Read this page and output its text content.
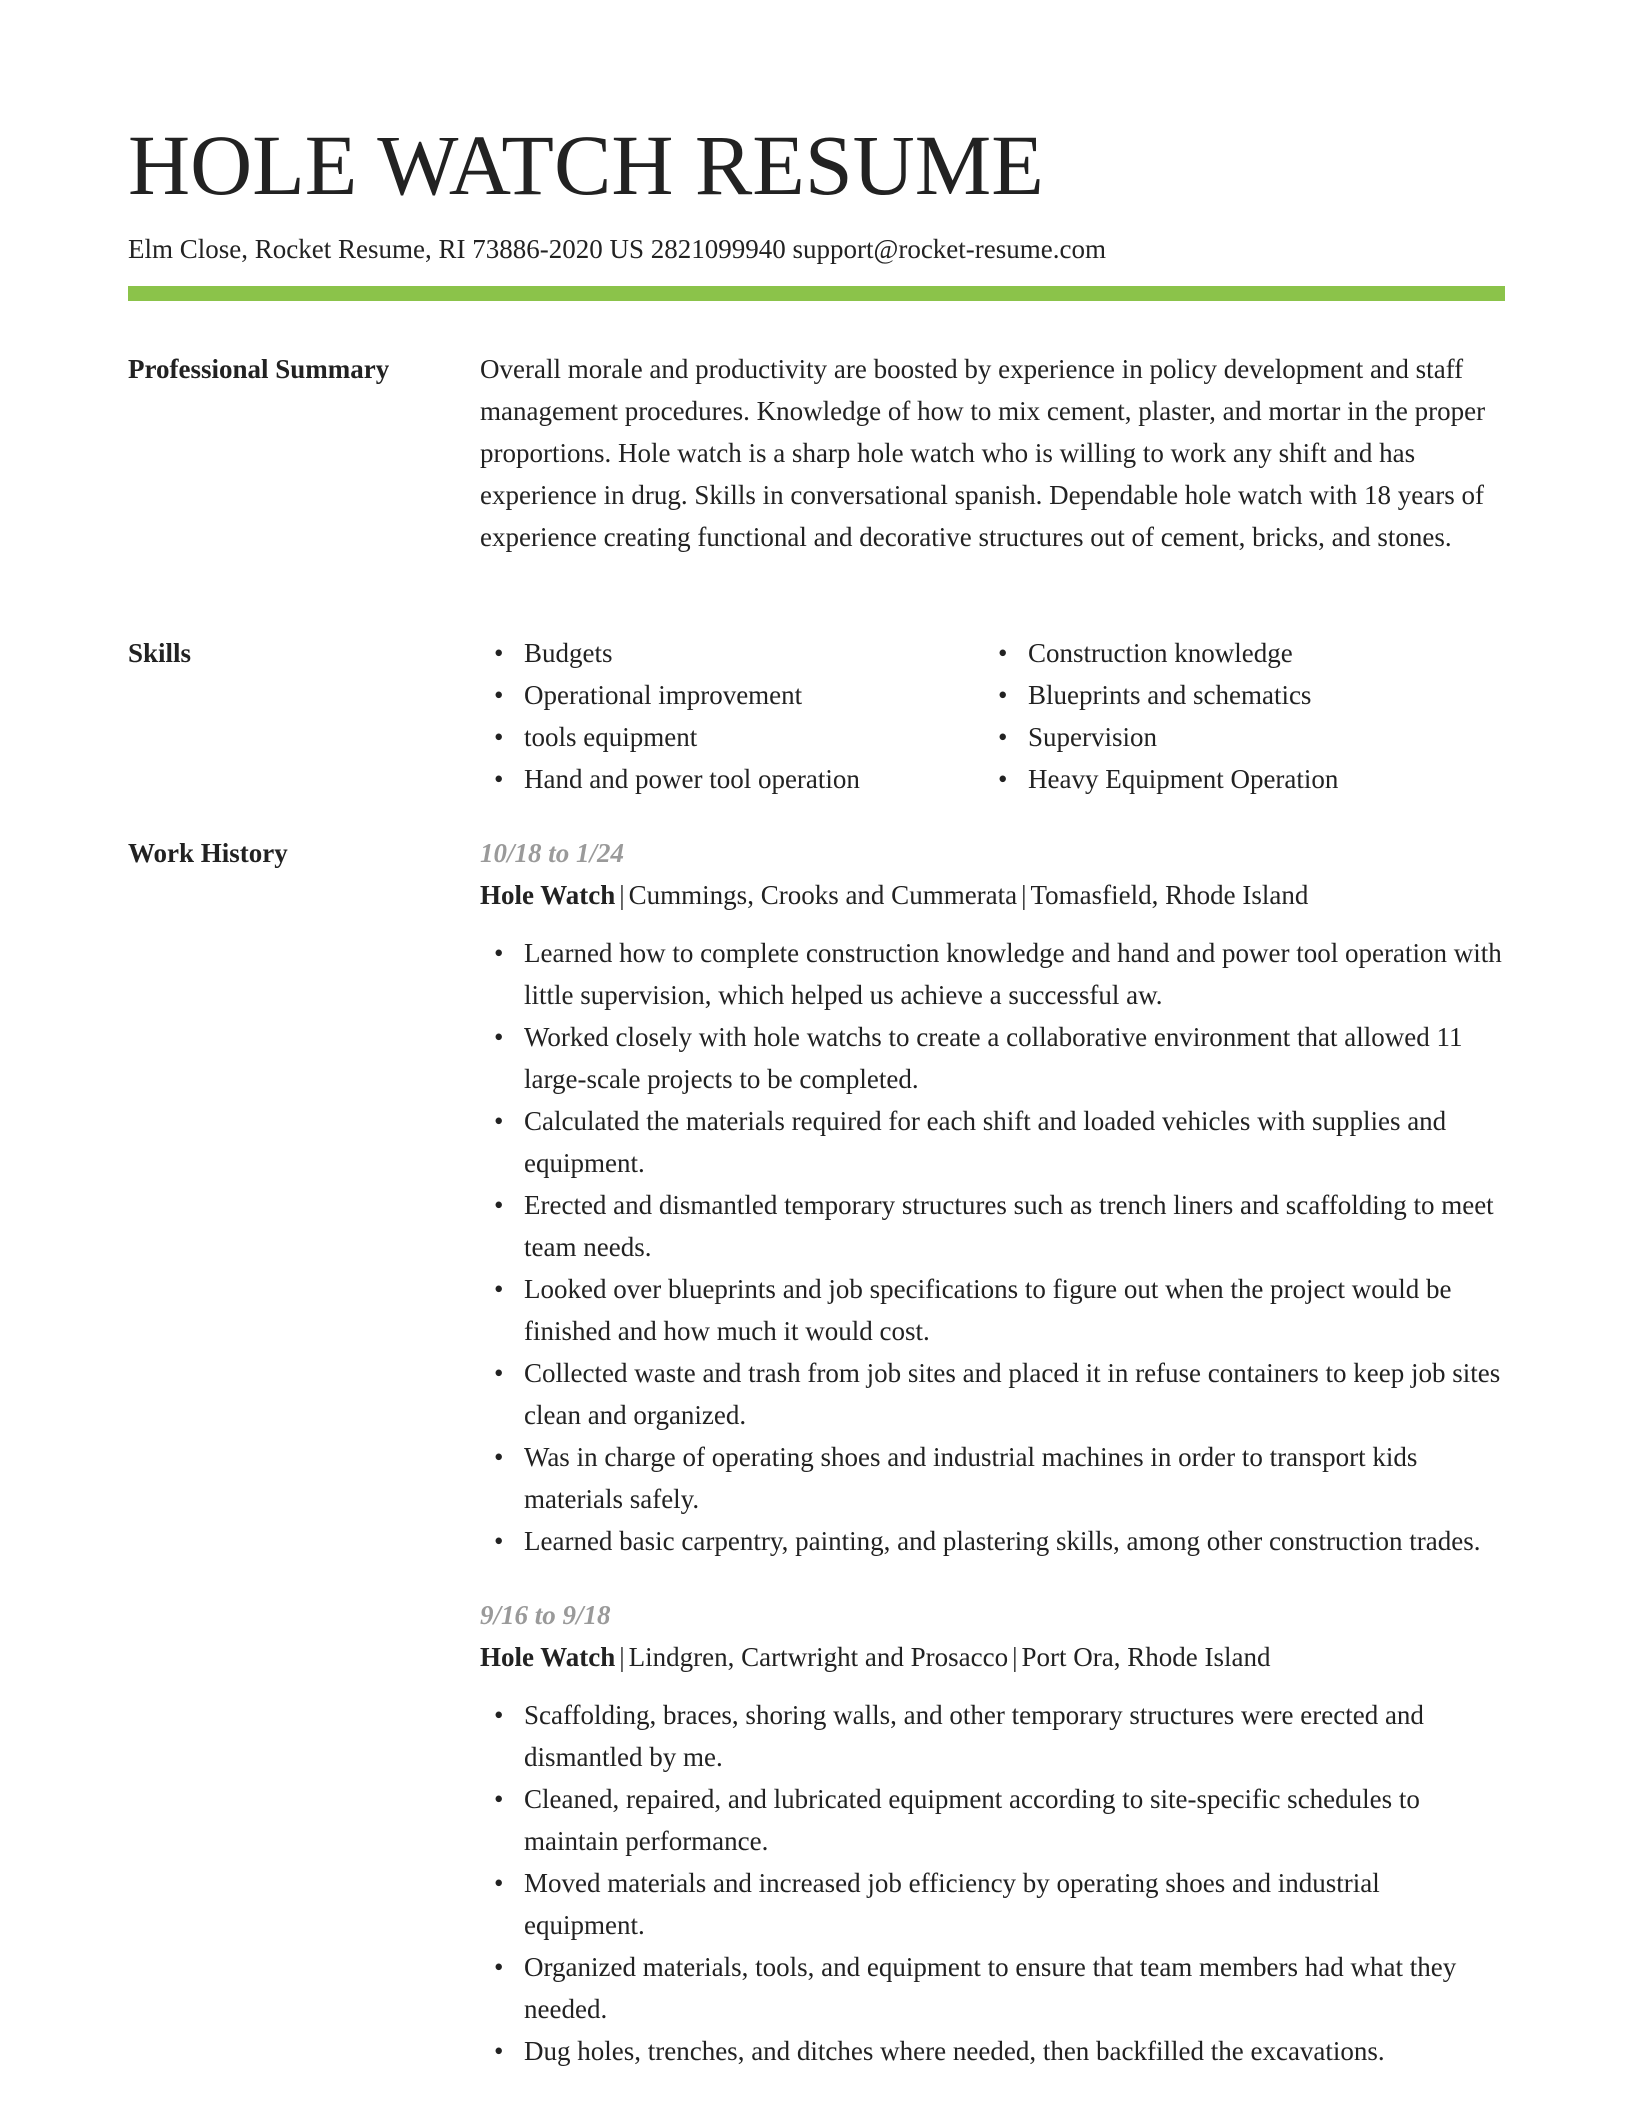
HOLE WATCH RESUME
Elm Close, Rocket Resume, RI 73886-2020 US 2821099940 support@rocket-resume.com
Professional Summary	Overall morale and productivity are boosted by experience in policy development and staff management procedures. Knowledge of how to mix cement, plaster, and mortar in the proper proportions. Hole watch is a sharp hole watch who is willing to work any shift and has experience in drug. Skills in conversational spanish. Dependable hole watch with 18 years of experience creating functional and decorative structures out of cement, bricks, and stones.

Skills	• Budgets
• Operational improvement
• tools equipment
• Hand and power tool operation
• Construction knowledge
• Blueprints and schematics
• Supervision
• Heavy Equipment Operation
Work History	10/18 to 1/24
Hole Watch | Cummings, Crooks and Cummerata | Tomasfield, Rhode Island
• Learned how to complete construction knowledge and hand and power tool operation with little supervision, which helped us achieve a successful aw.
• Worked closely with hole watchs to create a collaborative environment that allowed 11 large-scale projects to be completed.
• Calculated the materials required for each shift and loaded vehicles with supplies and equipment.
• Erected and dismantled temporary structures such as trench liners and scaffolding to meet team needs.
• Looked over blueprints and job specifications to figure out when the project would be finished and how much it would cost.
• Collected waste and trash from job sites and placed it in refuse containers to keep job sites clean and organized.
• Was in charge of operating shoes and industrial machines in order to transport kids materials safely.
• Learned basic carpentry, painting, and plastering skills, among other construction trades.
9/16 to 9/18
Hole Watch | Lindgren, Cartwright and Prosacco | Port Ora, Rhode Island
• Scaffolding, braces, shoring walls, and other temporary structures were erected and dismantled by me.
• Cleaned, repaired, and lubricated equipment according to site-specific schedules to maintain performance.
• Moved materials and increased job efficiency by operating shoes and industrial equipment.
• Organized materials, tools, and equipment to ensure that team members had what they needed.
• Dug holes, trenches, and ditches where needed, then backfilled the excavations.
